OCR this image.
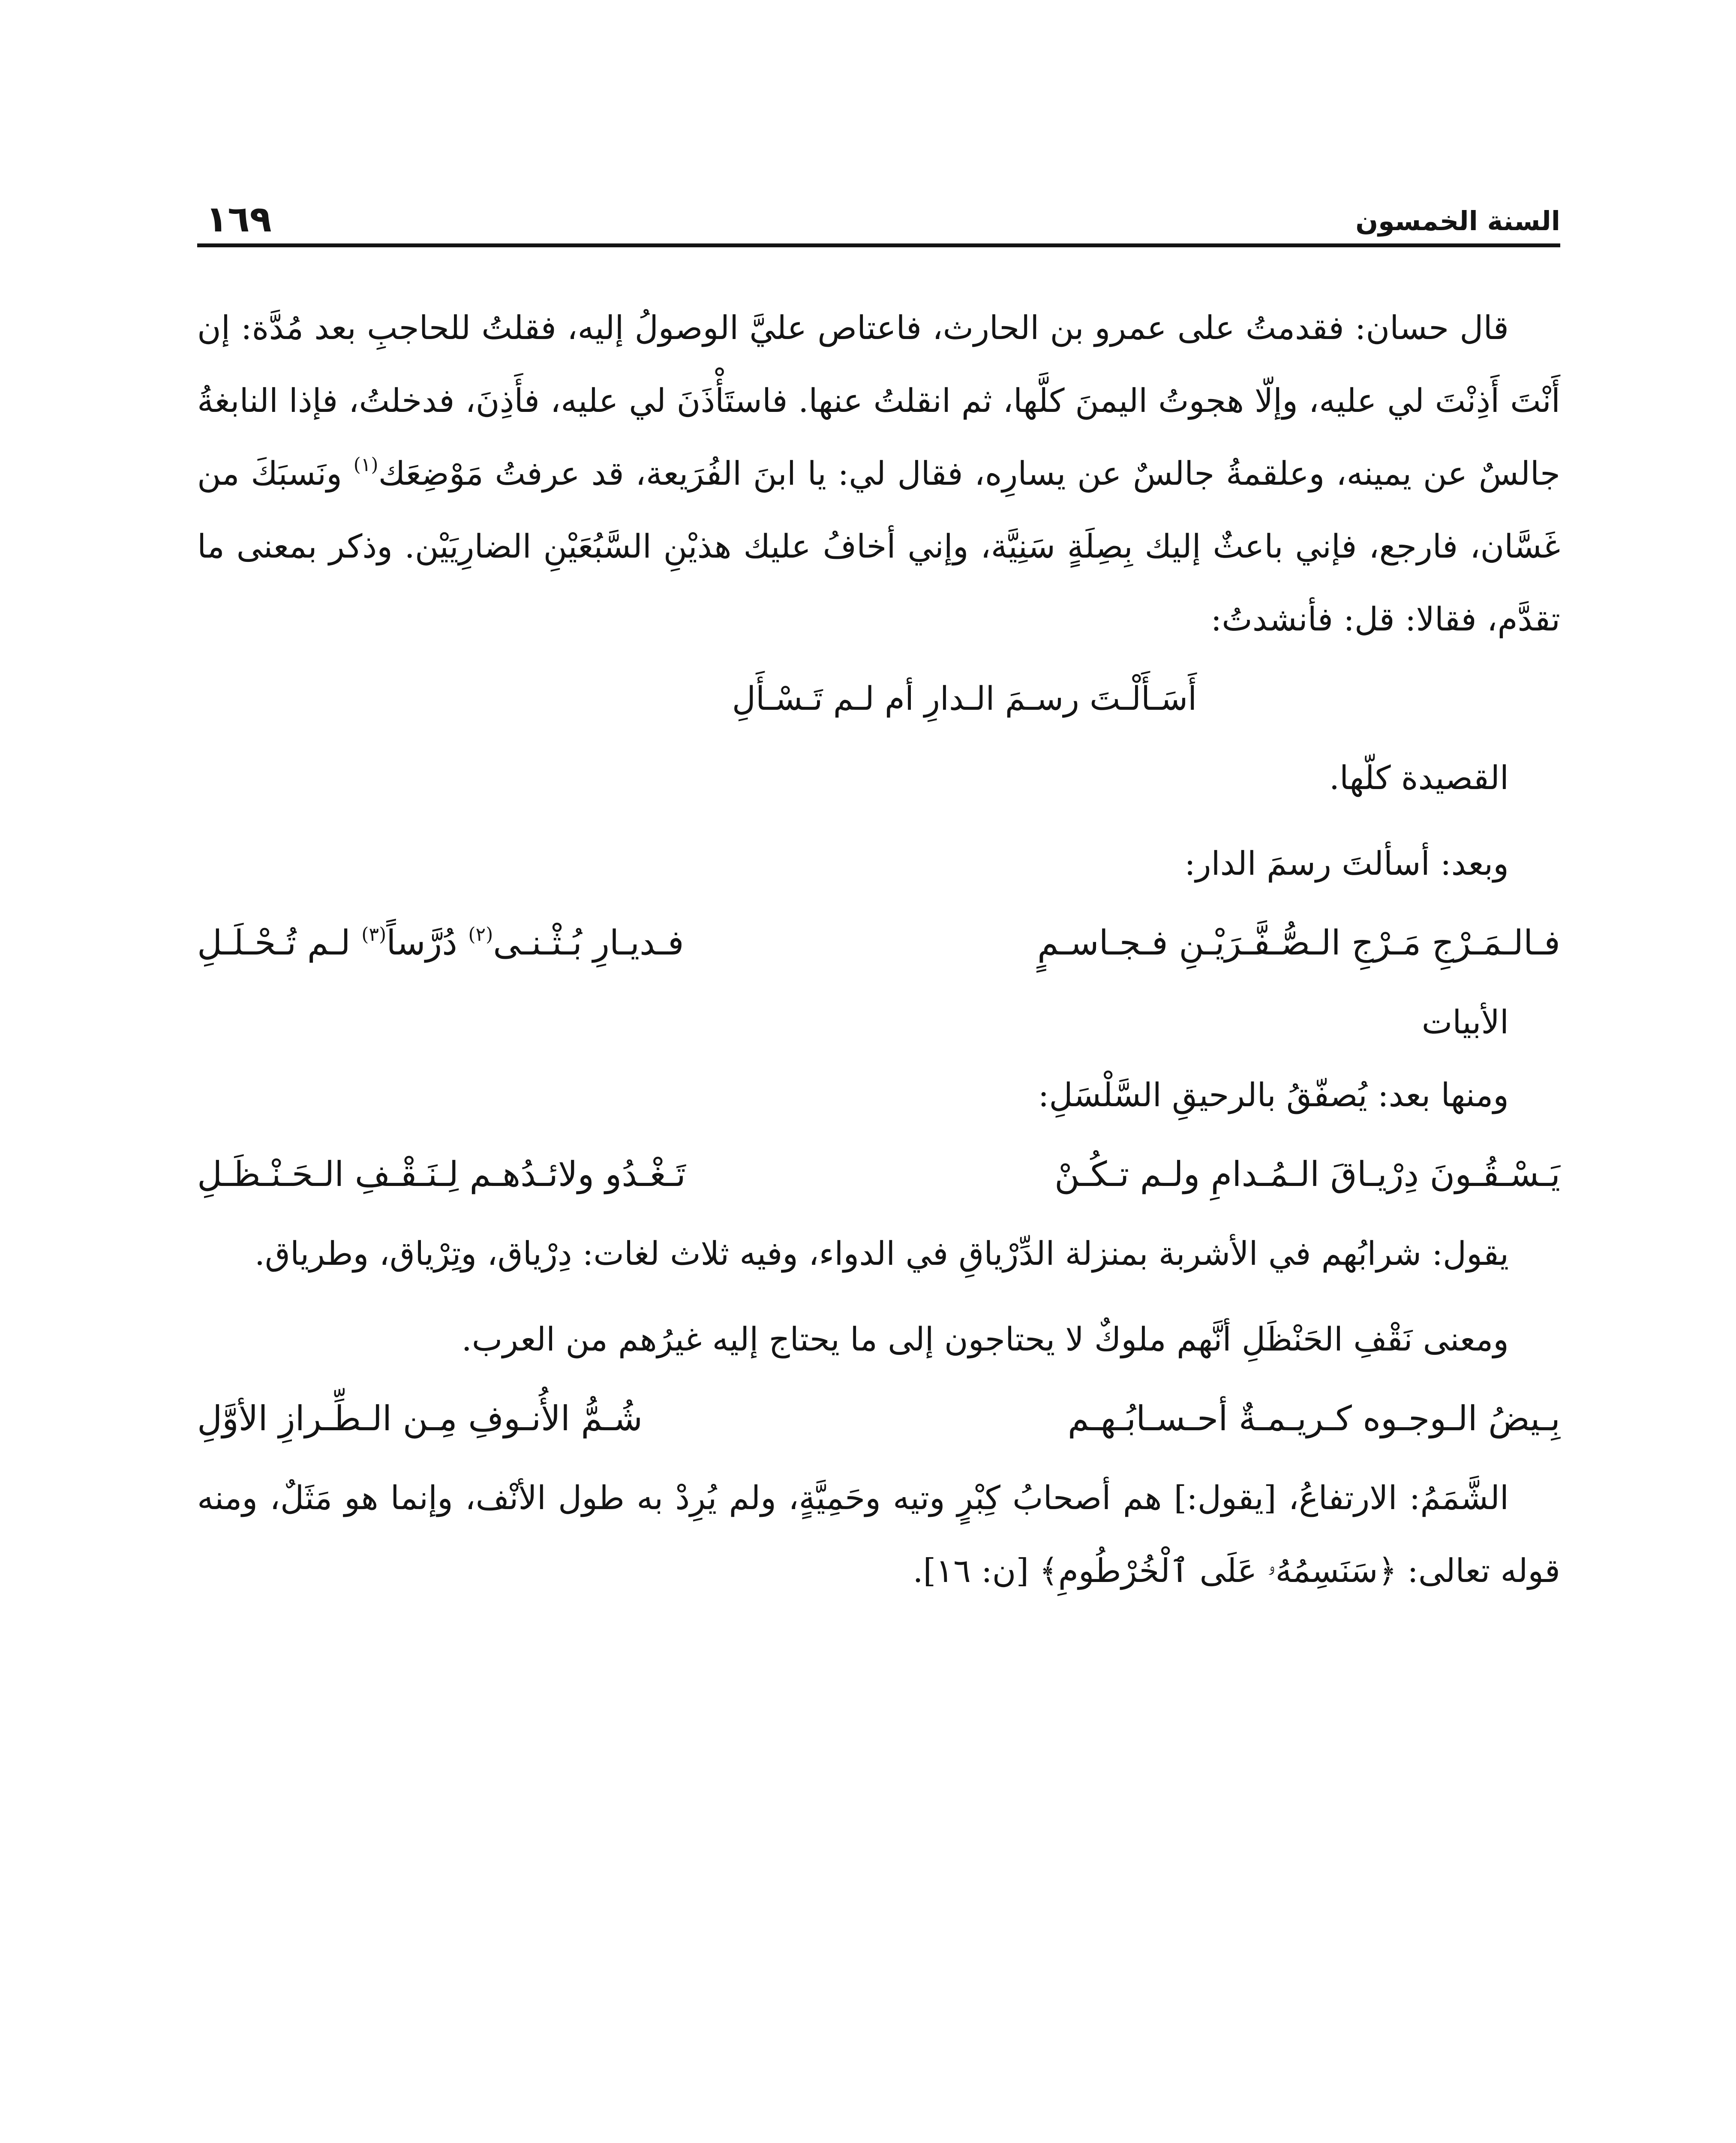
السنة الخمسون
١٦٩

قال حسان: فقدمتُ على عمرو بن الحارث، فاعتاص عليَّ الوصولُ إليه، فقلتُ للحاجبِ بعد مُدَّة: إن أَنْتَ أَذِنْتَ لي عليه، وإلّا هجوتُ اليمنَ كلَّها، ثم انقلتُ عنها. فاستَأْذَنَ لي عليه، فأَذِنَ، فدخلتُ، فإذا النابغةُ جالسٌ عن يمينه، وعلقمةُ جالسٌ عن يسارِه، فقال لي: يا ابنَ الفُرَيعة، قد عرفتُ مَوْضِعَك$^{(١)}$ ونَسبَكَ من غَسَّان، فارجع، فإني باعثٌ إليك بِصِلَةٍ سَنِيَّة، وإني أخافُ عليك هذيْنِ السَّبُعَيْنِ الضارِيَيْن. وذكر بمعنى ما تقدَّم، فقالا: قل: فأنشدتُ:

أَسَـأَلْـتَ رسـمَ الـدارِ أم لـم تَـسْـأَلِ

القصيدة كلّها.

وبعد: أسألتَ رسمَ الدار:

فـالـمَـرْجِ مَـرْجِ الـصُّـفَّـرَيْـنِ فـجـاسـمٍ
فـديـارِ بُـثْـنـى$^{(٢)}$ دُرَّساً$^{(٣)}$ لـم تُـحْـلَـلِ

الأبيات

ومنها بعد: يُصفّقُ بالرحيقِ السَّلْسَلِ:

يَـسْـقُـونَ دِرْيـاقَ الـمُـدامِ ولـم تـكُـنْ
تَـغْـدُو ولائـدُهـم لِـنَـقْـفِ الـحَـنْـظَـلِ

يقول: شرابُهم في الأشربة بمنزلة الدِّرْياقِ في الدواء، وفيه ثلاث لغات: دِرْياق، وتِرْياق، وطرياق.

ومعنى نَقْفِ الحَنْظَلِ أنَّهم ملوكٌ لا يحتاجون إلى ما يحتاج إليه غيرُهم من العرب.

بِـيضُ الـوجـوه كـريـمـةٌ أحـسـابُـهـم
شُـمُّ الأُنـوفِ مِـن الـطِّـرازِ الأوَّلِ

الشَّمَمُ: الارتفاعُ، [يقول:] هم أصحابُ كِبْرٍ وتيه وحَمِيَّةٍ، ولم يُرِدْ به طول الأنْف، وإنما هو مَثَلٌ، ومنه قوله تعالى: ﴿سَنَسِمُهُۥ عَلَى ٱلْخُرْطُومِ﴾ [ن: ١٦].
